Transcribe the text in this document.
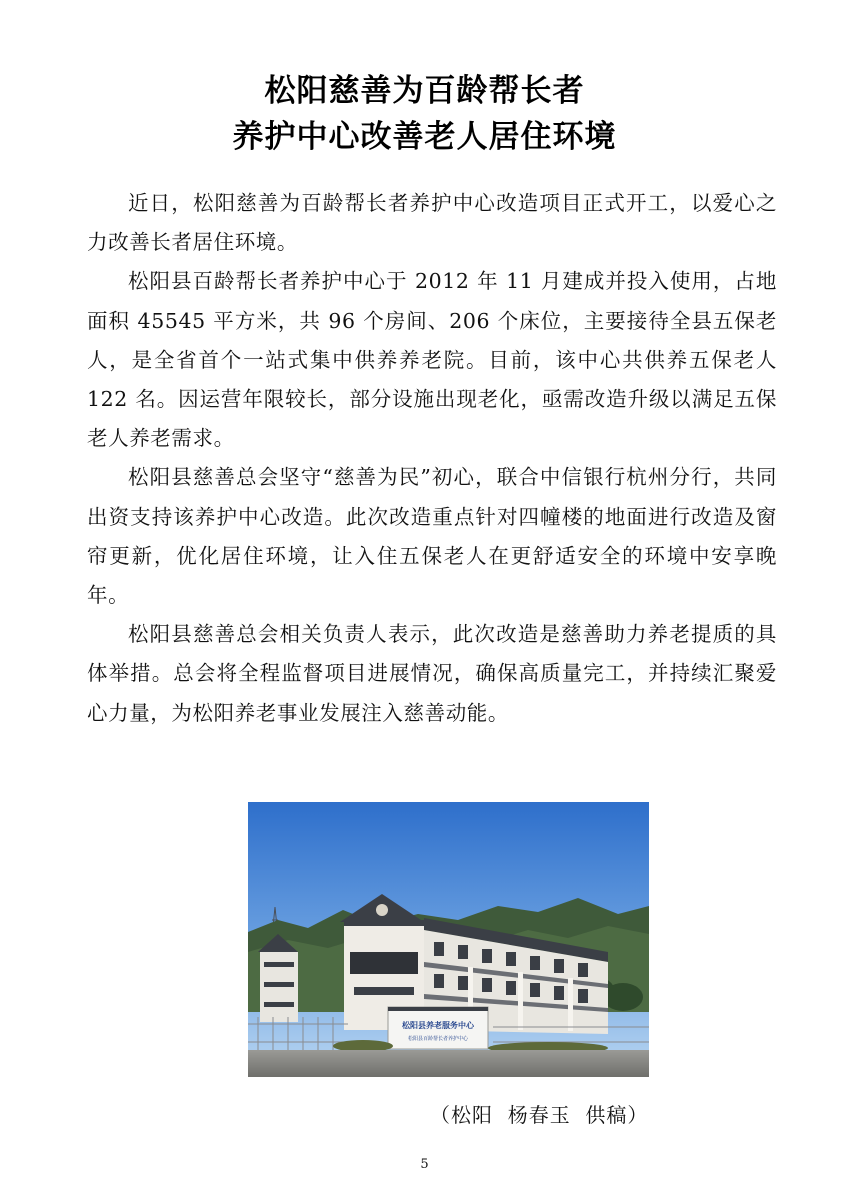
松阳慈善为百龄帮长者
养护中心改善老人居住环境

近日，松阳慈善为百龄帮长者养护中心改造项目正式开工，以爱心之力改善长者居住环境。

松阳县百龄帮长者养护中心于 2012 年 11 月建成并投入使用，占地面积 45545 平方米，共 96 个房间、206 个床位，主要接待全县五保老人，是全省首个一站式集中供养养老院。目前，该中心共供养五保老人 122 名。因运营年限较长，部分设施出现老化，亟需改造升级以满足五保老人养老需求。

松阳县慈善总会坚守“慈善为民”初心，联合中信银行杭州分行，共同出资支持该养护中心改造。此次改造重点针对四幢楼的地面进行改造及窗帘更新，优化居住环境，让入住五保老人在更舒适安全的环境中安享晚年。

松阳县慈善总会相关负责人表示，此次改造是慈善助力养老提质的具体举措。总会将全程监督项目进展情况，确保高质量完工，并持续汇聚爱心力量，为松阳养老事业发展注入慈善动能。

松阳县养老服务中心
松阳县百龄帮长者养护中心
（松阳  杨春玉  供稿）
5
